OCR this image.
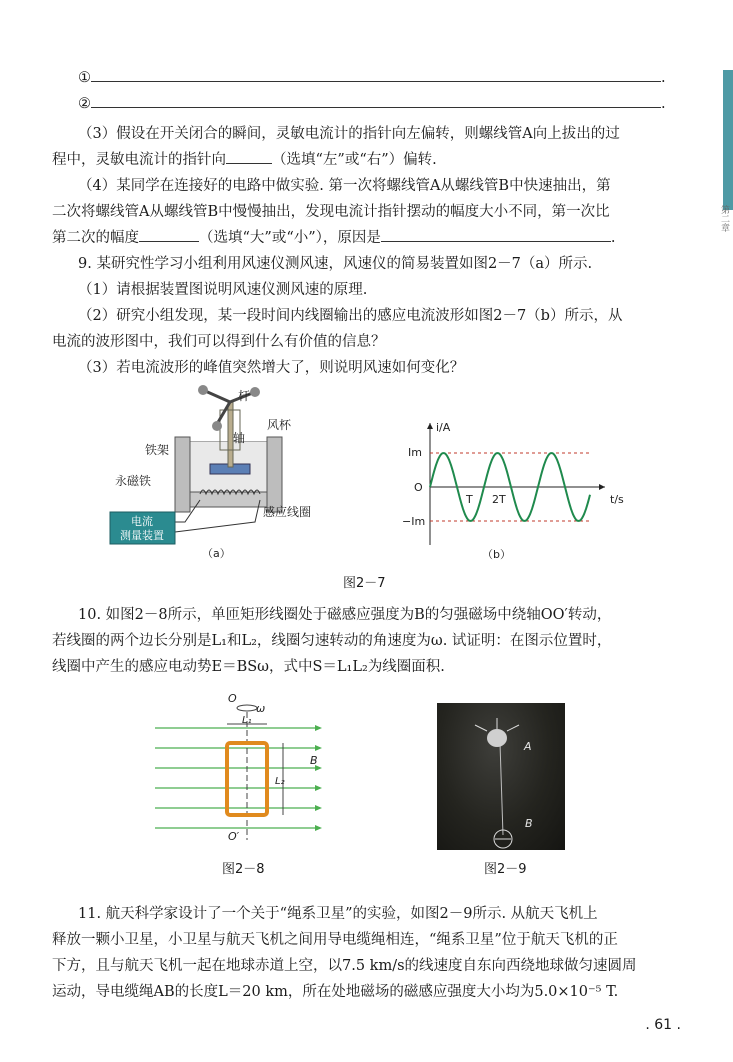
第二章
①	.
②	.
（3）假设在开关闭合的瞬间，灵敏电流计的指针向左偏转，则螺线管A向上拔出的过
程中，灵敏电流计的指针向	（选填“左”或“右”）偏转.
（4）某同学在连接好的电路中做实验. 第一次将螺线管A从螺线管B中快速抽出，第
二次将螺线管A从螺线管B中慢慢抽出，发现电流计指针摆动的幅度大小不同，第一次比
第二次的幅度	（选填“大”或“小”），原因是	.
9. 某研究性学习小组利用风速仪测风速，风速仪的简易装置如图2－7（a）所示.
（1）请根据装置图说明风速仪测风速的原理.
（2）研究小组发现，某一段时间内线圈输出的感应电流波形如图2－7（b）所示，从
电流的波形图中，我们可以得到什么有价值的信息？
（3）若电流波形的峰值突然增大了，则说明风速如何变化？
电流
测量装置
杆
风杯
轴
铁架
永磁铁
感应线圈
（a）
i/A
Im
O
T 2T	t/s
−Im
（b）
图2－7
10. 如图2－8所示，单匝矩形线圈处于磁感应强度为B的匀强磁场中绕轴OO′转动，
若线圈的两个边长分别是L₁和L₂，线圈匀速转动的角速度为ω. 试证明：在图示位置时，
线圈中产生的感应电动势E＝BSω，式中S＝L₁L₂为线圈面积.
O
ω
L₁
L₂
B
O′
图2－8
A
B
图2－9
11. 航天科学家设计了一个关于“绳系卫星”的实验，如图2－9所示. 从航天飞机上
释放一颗小卫星，小卫星与航天飞机之间用导电缆绳相连，“绳系卫星”位于航天飞机的正
下方，且与航天飞机一起在地球赤道上空，以7.5 km/s的线速度自东向西绕地球做匀速圆周
运动，导电缆绳AB的长度L＝20 km，所在处地磁场的磁感应强度大小均为5.0×10⁻⁵ T.
. 61 .
